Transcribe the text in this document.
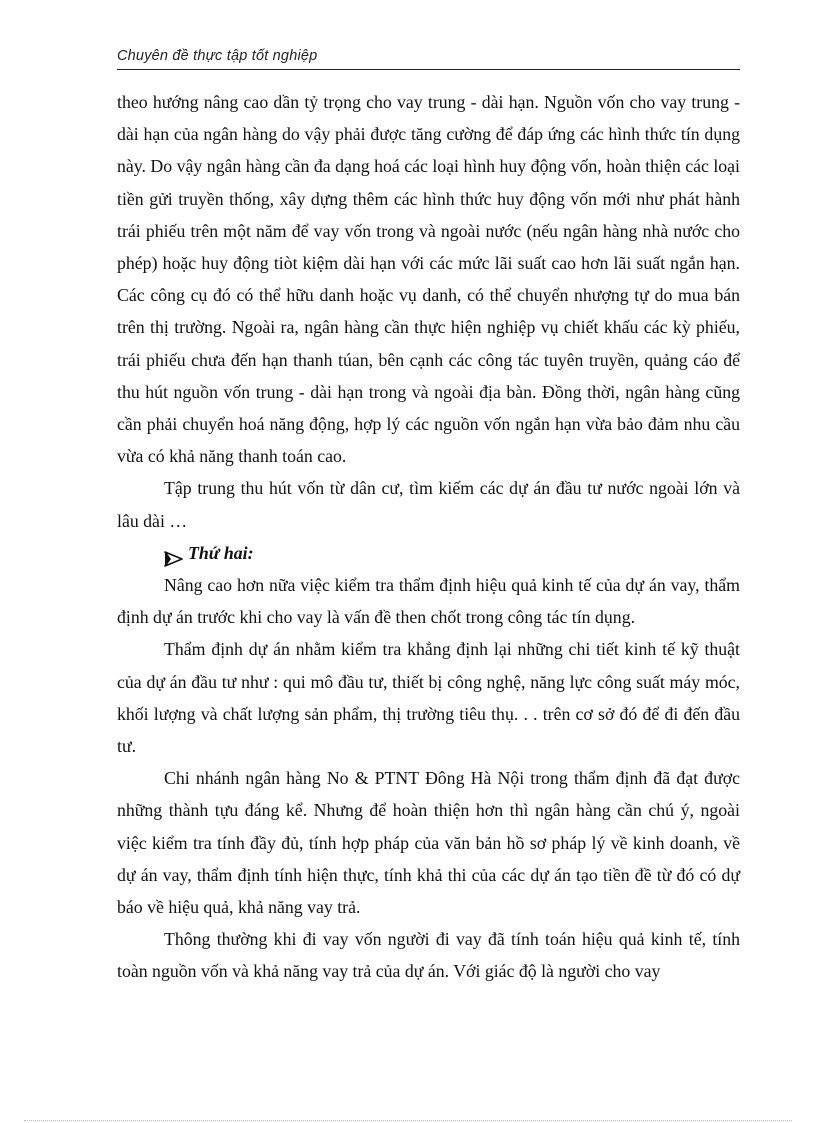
Chuyên đề thực tập tốt nghiệp

theo hướng nâng cao dần tỷ trọng cho vay trung - dài hạn. Nguồn vốn cho vay trung - dài hạn của ngân hàng do vậy phải được tăng cường để đáp ứng các hình thức tín dụng này. Do vậy ngân hàng cần đa dạng hoá các loại hình huy động vốn, hoàn thiện các loại tiền gửi truyền thống, xây dựng thêm các hình thức huy động vốn mới như phát hành trái phiếu trên một năm để vay vốn trong và ngoài nước (nếu ngân hàng nhà nước cho phép) hoặc huy động tiòt kiệm dài hạn với các mức lãi suất cao hơn lãi suất ngắn hạn. Các công cụ đó có thể hữu danh hoặc vụ danh, có thể chuyển nhượng tự do mua bán trên thị trường. Ngoài ra, ngân hàng cần thực hiện nghiệp vụ chiết khấu các kỳ phiếu, trái phiếu chưa đến hạn thanh túan, bên cạnh các công tác tuyên truyền, quảng cáo để thu hút nguồn vốn trung - dài hạn trong và ngoài địa bàn. Đồng thời, ngân hàng cũng cần phải chuyển hoá năng động, hợp lý các nguồn vốn ngắn hạn vừa bảo đảm nhu cầu vừa có khả năng thanh toán cao.

Tập trung thu hút vốn từ dân cư, tìm kiếm các dự án đầu tư nước ngoài lớn và lâu dài …

Thứ hai:

Nâng cao hơn nữa việc kiểm tra thẩm định hiệu quả kinh tế của dự án vay, thẩm định dự án trước khi cho vay là vấn đề then chốt trong công tác tín dụng.

Thẩm định dự án nhằm kiểm tra khẳng định lại những chi tiết kinh tế kỹ thuật của dự án đầu tư như : qui mô đầu tư, thiết bị công nghệ, năng lực công suất máy móc, khối lượng và chất lượng sản phẩm, thị trường tiêu thụ. . . trên cơ sở đó để đi đến đầu tư.

Chi nhánh ngân hàng No & PTNT Đông Hà Nội trong thẩm định đã đạt được những thành tựu đáng kể. Nhưng để hoàn thiện hơn thì ngân hàng cần chú ý, ngoài việc kiểm tra tính đầy đủ, tính hợp pháp của văn bản hồ sơ pháp lý về kinh doanh, về dự án vay, thẩm định tính hiện thực, tính khả thi của các dự án tạo tiền đề từ đó có dự báo về hiệu quả, khả năng vay trả.

Thông thường khi đi vay vốn người đi vay đã tính toán hiệu quả kinh tế, tính toàn nguồn vốn và khả năng vay trả của dự án. Với giác độ là người cho vay
